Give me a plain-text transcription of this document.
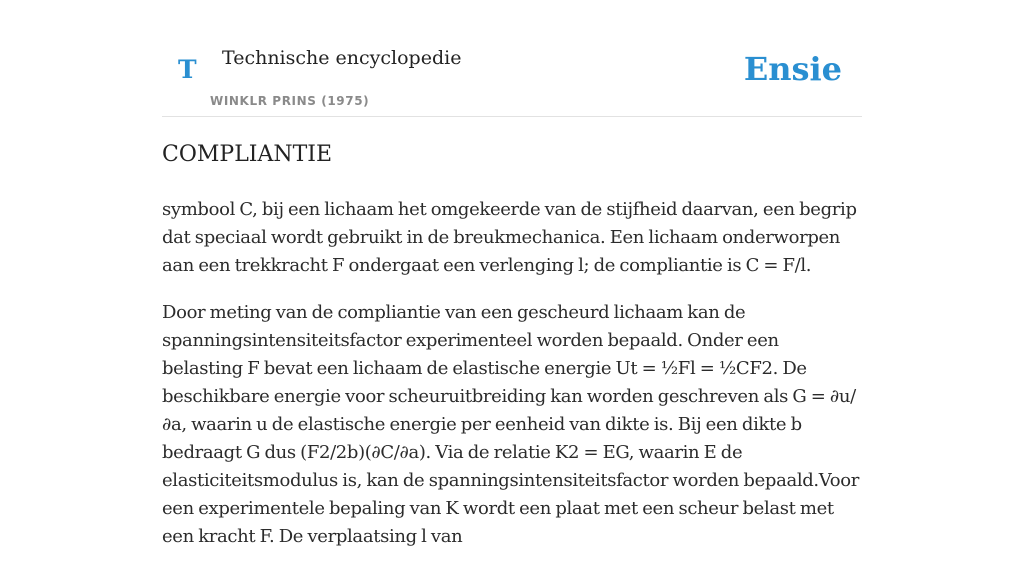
T Technische encyclopedie
WINKLR PRINS (1975)
Ensie
COMPLIANTIE

symbool C, bij een lichaam het omgekeerde van de stijfheid daarvan, een begrip dat speciaal wordt gebruikt in de breukmechanica. Een lichaam onderworpen aan een trekkracht F ondergaat een verlenging l; de compliantie is C = F/l.

Door meting van de compliantie van een gescheurd lichaam kan de spanningsintensiteitsfactor experimenteel worden bepaald. Onder een belasting F bevat een lichaam de elastische energie Ut = ½Fl = ½CF2. De beschikbare energie voor scheuruitbreiding kan worden geschreven als G = ∂u/∂a, waarin u de elastische energie per eenheid van dikte is. Bij een dikte b bedraagt G dus (F2/2b)(∂C/∂a). Via de relatie K2 = EG, waarin E de elasticiteitsmodulus is, kan de spanningsintensiteitsfactor worden bepaald.Voor een experimentele bepaling van K wordt een plaat met een scheur belast met een kracht F. De verplaatsing l van
